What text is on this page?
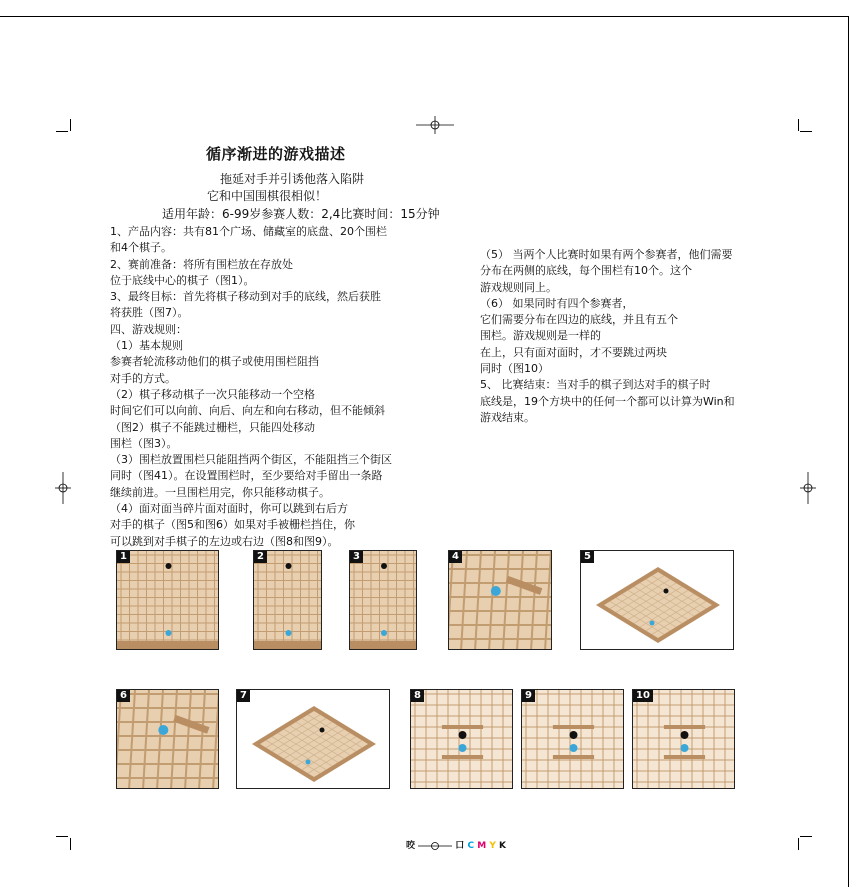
循序渐进的游戏描述
拖延对手并引诱他落入陷阱
它和中国围棋很相似！
适用年龄：6-99岁参赛人数：2,4比赛时间：15分钟
1、产品内容：共有81个广场、储藏室的底盘、20个围栏
和4个棋子。
2、赛前准备：将所有围栏放在存放处
位于底线中心的棋子（图1）。
3、最终目标：首先将棋子移动到对手的底线，然后获胜
将获胜（图7）。
四、游戏规则：
（1）基本规则
参赛者轮流移动他们的棋子或使用围栏阻挡
对手的方式。
（2）棋子移动棋子一次只能移动一个空格
时间它们可以向前、向后、向左和向右移动，但不能倾斜
（图2）棋子不能跳过栅栏，只能四处移动
围栏（图3）。
（3）围栏放置围栏只能阻挡两个街区，不能阻挡三个街区
同时（图41）。在设置围栏时，至少要给对手留出一条路
继续前进。一旦围栏用完，你只能移动棋子。
（4）面对面当碎片面对面时，你可以跳到右后方
对手的棋子（图5和图6）如果对手被栅栏挡住，你
可以跳到对手棋子的左边或右边（图8和图9）。
（5） 当两个人比赛时如果有两个参赛者，他们需要
分布在两侧的底线，每个围栏有10个。这个
游戏规则同上。
（6） 如果同时有四个参赛者，
它们需要分布在四边的底线，并且有五个
围栏。游戏规则是一样的
在上，只有面对面时，才不要跳过两块
同时（图10）
5、 比赛结束：当对手的棋子到达对手的棋子时
底线是，19个方块中的任何一个都可以计算为Win和
游戏结束。
1	2	3	4	5
6	7	8	9	10
咬	口 C M Y K
